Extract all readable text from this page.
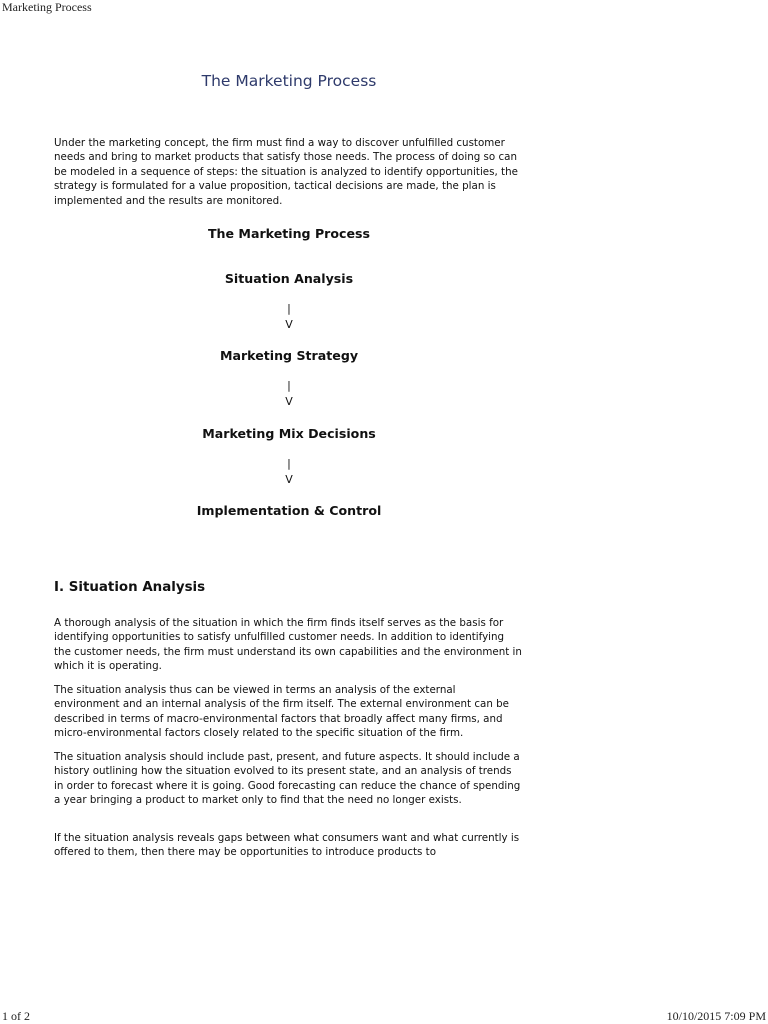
Marketing Process
The Marketing Process

Under the marketing concept, the firm must find a way to discover unfulfilled customer needs and bring to market products that satisfy those needs. The process of doing so can be modeled in a sequence of steps: the situation is analyzed to identify opportunities, the strategy is formulated for a value proposition, tactical decisions are made, the plan is implemented and the results are monitored.

The Marketing Process

Situation Analysis

|

V

Marketing Strategy

|

V

Marketing Mix Decisions

|

V

Implementation & Control

I. Situation Analysis

A thorough analysis of the situation in which the firm finds itself serves as the basis for identifying opportunities to satisfy unfulfilled customer needs. In addition to identifying the customer needs, the firm must understand its own capabilities and the environment in which it is operating.

The situation analysis thus can be viewed in terms an analysis of the external environment and an internal analysis of the firm itself. The external environment can be described in terms of macro-environmental factors that broadly affect many firms, and micro-environmental factors closely related to the specific situation of the firm.

The situation analysis should include past, present, and future aspects. It should include a history outlining how the situation evolved to its present state, and an analysis of trends in order to forecast where it is going. Good forecasting can reduce the chance of spending a year bringing a product to market only to find that the need no longer exists.

If the situation analysis reveals gaps between what consumers want and what currently is offered to them, then there may be opportunities to introduce products to

1 of 2	10/10/2015 7:09 PM
